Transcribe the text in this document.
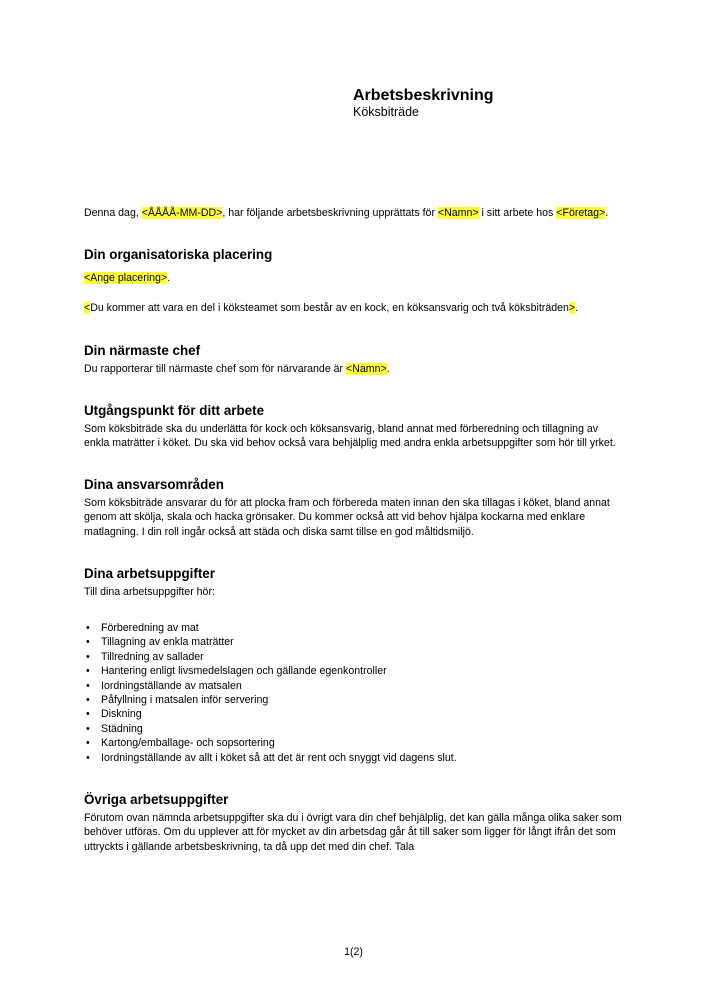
Arbetsbeskrivning

Köksbiträde

Denna dag, <ÅÅÅÅ-MM-DD>, har följande arbetsbeskrivning upprättats för <Namn> i sitt arbete hos <Företag>.

Din organisatoriska placering

<Ange placering>.

<Du kommer att vara en del i köksteamet som består av en kock, en köksansvarig och två köksbiträden>.

Din närmaste chef

Du rapporterar till närmaste chef som för närvarande är <Namn>.

Utgångspunkt för ditt arbete

Som köksbiträde ska du underlätta för kock och köksansvarig, bland annat med förberedning och tillagning av enkla maträtter i köket. Du ska vid behov också vara behjälplig med andra enkla arbetsuppgifter som hör till yrket.

Dina ansvarsområden

Som köksbiträde ansvarar du för att plocka fram och förbereda maten innan den ska tillagas i köket, bland annat genom att skölja, skala och hacka grönsaker. Du kommer också att vid behov hjälpa kockarna med enklare matlagning. I din roll ingår också att städa och diska samt tillse en god måltidsmiljö.

Dina arbetsuppgifter

Till dina arbetsuppgifter hör:

• Förberedning av mat
• Tillagning av enkla maträtter
• Tillredning av sallader
• Hantering enligt livsmedelslagen och gällande egenkontroller
• Iordningställande av matsalen
• Påfyllning i matsalen inför servering
• Diskning
• Städning
• Kartong/emballage- och sopsortering
• Iordningställande av allt i köket så att det är rent och snyggt vid dagens slut.
Övriga arbetsuppgifter

Förutom ovan nämnda arbetsuppgifter ska du i övrigt vara din chef behjälplig, det kan gälla många olika saker som behöver utföras. Om du upplever att för mycket av din arbetsdag går åt till saker som ligger för långt ifrån det som uttryckts i gällande arbetsbeskrivning, ta då upp det med din chef. Tala

1(2)
